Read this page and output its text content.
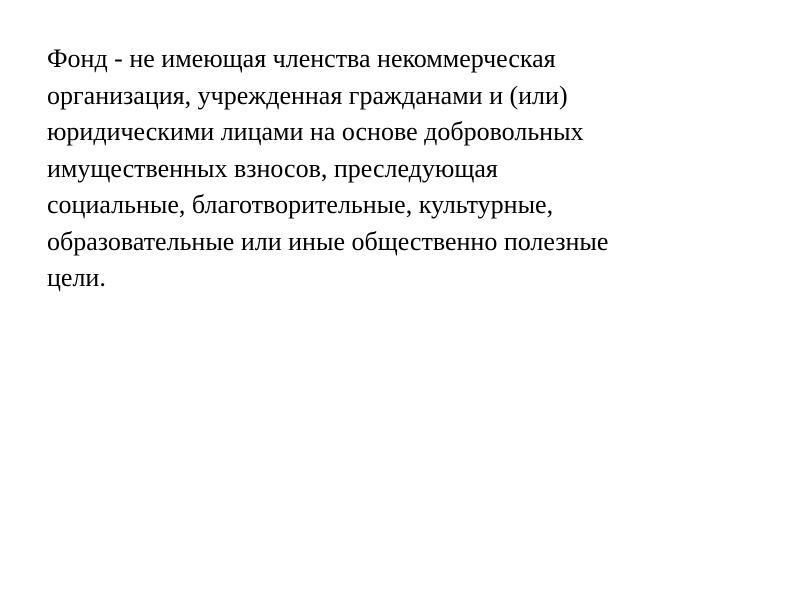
Фонд - не имеющая членства некоммерческая
организация, учрежденная гражданами и (или)
юридическими лицами на основе добровольных
имущественных взносов, преследующая
социальные, благотворительные, культурные,
образовательные или иные общественно полезные
цели.
